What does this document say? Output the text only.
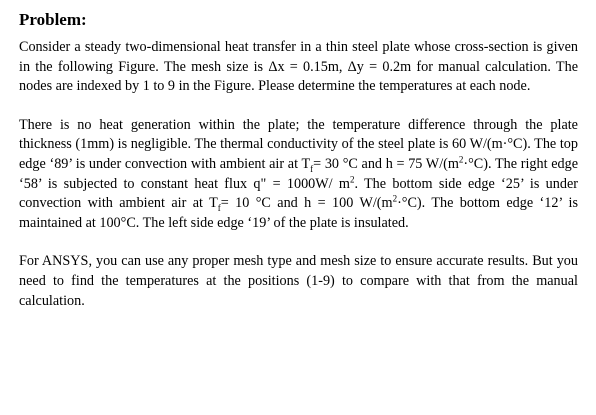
Problem:

Consider a steady two-dimensional heat transfer in a thin steel plate whose cross-section is given in the following Figure. The mesh size is Δx = 0.15m, Δy = 0.2m for manual calculation. The nodes are indexed by 1 to 9 in the Figure. Please determine the temperatures at each node.

There is no heat generation within the plate; the temperature difference through the plate thickness (1mm) is negligible. The thermal conductivity of the steel plate is 60 W/(m·°C). The top edge ‘89’ is under convection with ambient air at $T_f= 30$ °C and h = 75 $W/(m^2\cdot^\circ C)$. The right edge ‘58’ is subjected to constant heat flux q" = 1000W/ $m^2$. The bottom side edge ‘25’ is under convection with ambient air at $T_f= 10$ °C and h = 100 $W/(m^2\cdot^\circ C)$. The bottom edge ‘12’ is maintained at 100°C. The left side edge ‘19’ of the plate is insulated.

For ANSYS, you can use any proper mesh type and mesh size to ensure accurate results. But you need to find the temperatures at the positions (1-9) to compare with that from the manual calculation.
